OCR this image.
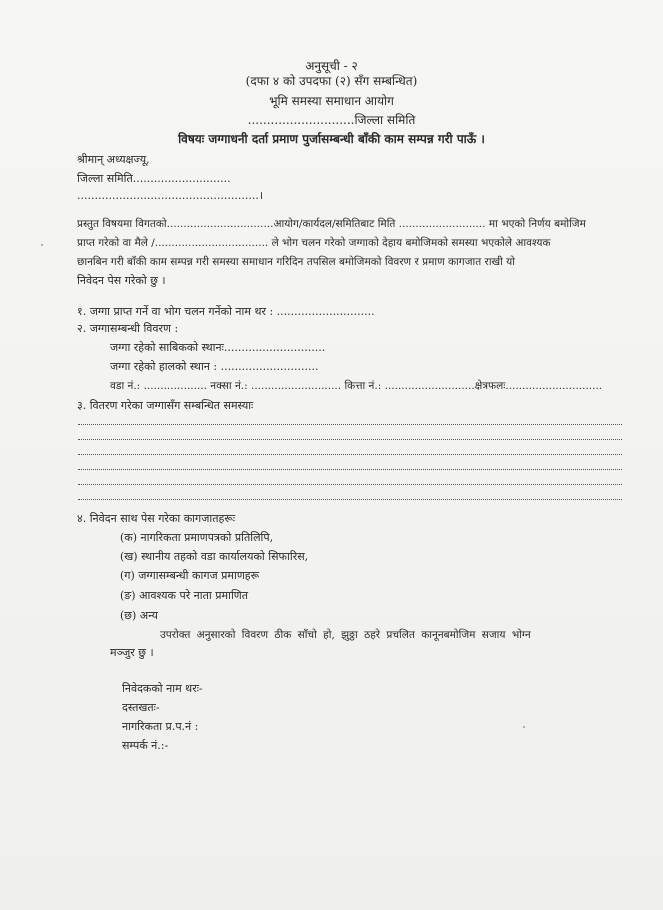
अनुसूची - २
(दफा ४ को उपदफा (२) सँग सम्बन्धित)
भूमि समस्या समाधान आयोग
............................जिल्ला समिति
विषयः जग्गाधनी दर्ता प्रमाण पुर्जासम्बन्धी बाँकी काम सम्पन्न गरी पाऊँ ।
श्रीमान् अध्यक्षज्यू,
जिल्ला समिति............................
....................................................।
प्रस्तुत विषयमा विगतको................................आयोग/कार्यदल/समितिबाट मिति .......................... मा भएको निर्णय बमोजिम
प्राप्त गरेको वा मैले /.................................. ले भोग चलन गरेको जग्गाको देहाय बमोजिमको समस्या भएकोले आवश्यक
छानबिन गरी बाँकी काम सम्पन्न गरी समस्या समाधान गरिदिन तपसिल बमोजिमको विवरण र प्रमाण कागजात राखी यो
निवेदन पेस गरेको छु ।
१. जग्गा प्राप्त गर्ने वा भोग चलन गर्नेको नाम थर : ............................
२. जग्गासम्बन्धी विवरण :
जग्गा रहेको साबिकको स्थानः.............................
जग्गा रहेको हालको स्थान : ............................
वडा नं.: ................... नक्सा नं.: ........................... कित्ता नं.: ...........................क्षेत्रफलः.............................
३. वितरण गरेका जग्गासँग सम्बन्धित समस्याः
४. निवेदन साथ पेस गरेका कागजातहरूः
(क) नागरिकता प्रमाणपत्रको प्रतिलिपि,
(ख) स्थानीय तहको वडा कार्यालयको सिफारिस,
(ग) जग्गासम्बन्धी कागज प्रमाणहरू
(ङ) आवश्यक परे नाता प्रमाणित
(छ) अन्य
उपरोक्त अनुसारको विवरण ठीक साँचो हो, झुठ्ठा ठहरे प्रचलित कानूनबमोजिम सजाय भोग्न
मञ्जुर छु ।
निवेदकको नाम थरः-
दस्तखतः-
नागरिकता प्र.प.नं :
सम्पर्क नं.:-
